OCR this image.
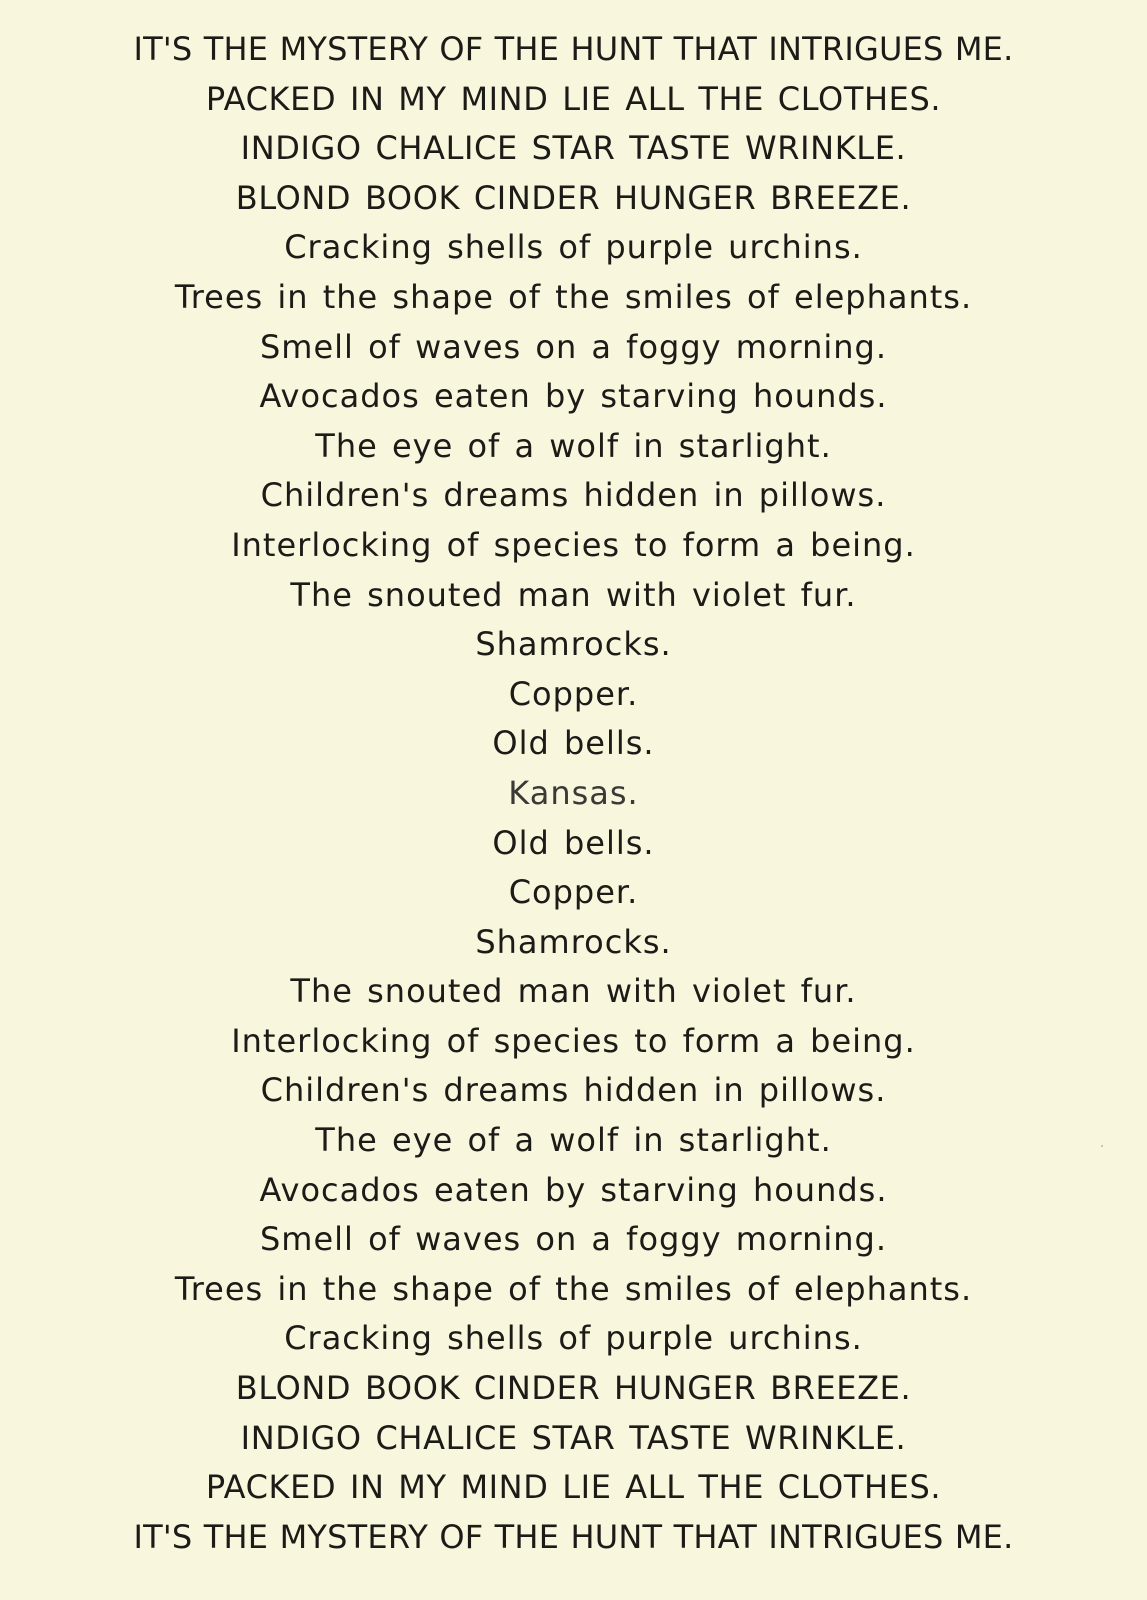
IT'S THE MYSTERY OF THE HUNT THAT INTRIGUES ME.
PACKED IN MY MIND LIE ALL THE CLOTHES.
INDIGO CHALICE STAR TASTE WRINKLE.
BLOND BOOK CINDER HUNGER BREEZE.
Cracking shells of purple urchins.
Trees in the shape of the smiles of elephants.
Smell of waves on a foggy morning.
Avocados eaten by starving hounds.
The eye of a wolf in starlight.
Children's dreams hidden in pillows.
Interlocking of species to form a being.
The snouted man with violet fur.
Shamrocks.
Copper.
Old bells.
Kansas.
Old bells.
Copper.
Shamrocks.
The snouted man with violet fur.
Interlocking of species to form a being.
Children's dreams hidden in pillows.
The eye of a wolf in starlight.
Avocados eaten by starving hounds.
Smell of waves on a foggy morning.
Trees in the shape of the smiles of elephants.
Cracking shells of purple urchins.
BLOND BOOK CINDER HUNGER BREEZE.
INDIGO CHALICE STAR TASTE WRINKLE.
PACKED IN MY MIND LIE ALL THE CLOTHES.
IT'S THE MYSTERY OF THE HUNT THAT INTRIGUES ME.
